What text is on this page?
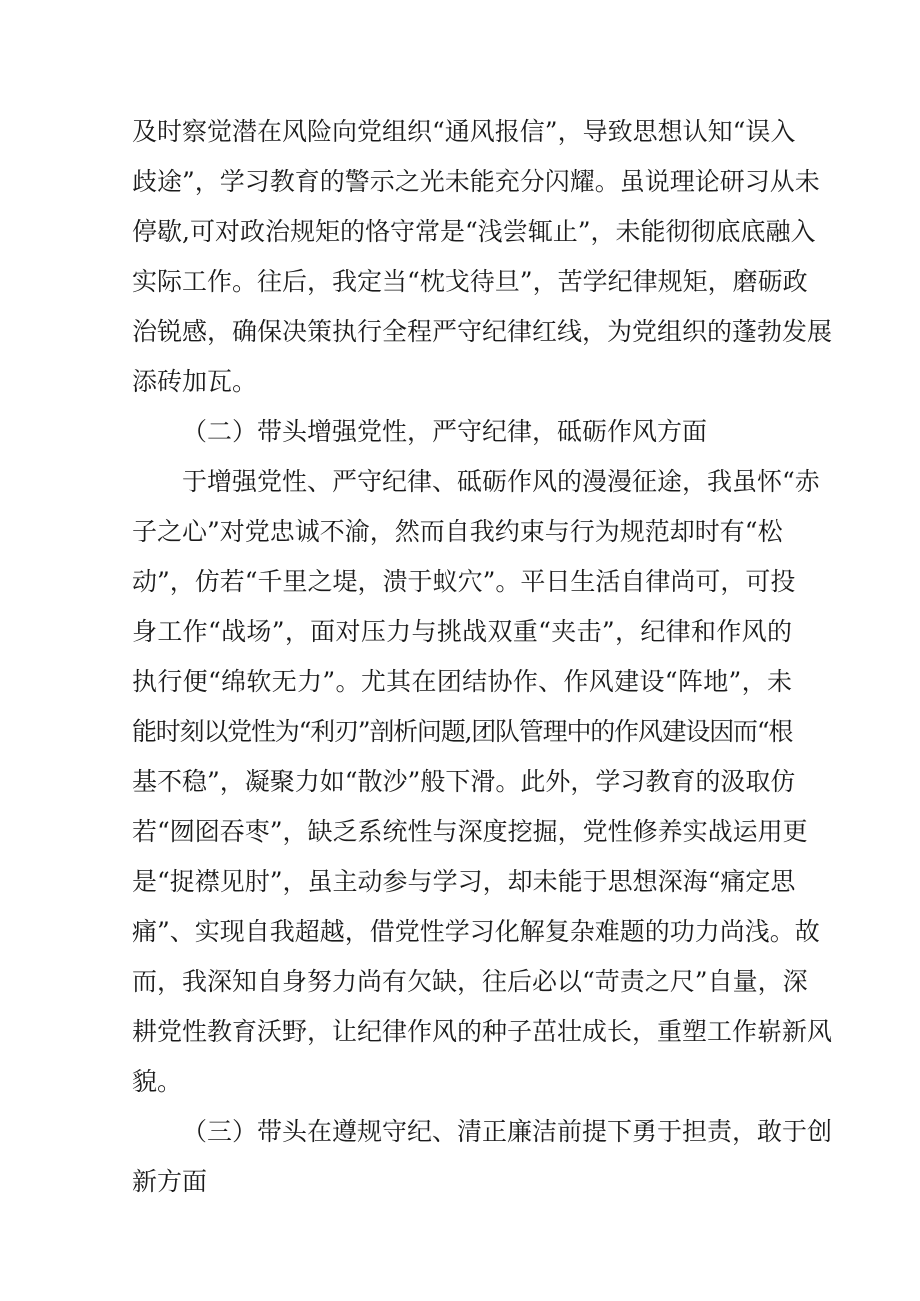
及时察觉潜在风险向党组织“通风报信”，导致思想认知“误入
歧途”，学习教育的警示之光未能充分闪耀。虽说理论研习从未
停歇,可对政治规矩的恪守常是“浅尝辄止”，未能彻彻底底融入
实际工作。往后，我定当“枕戈待旦”，苦学纪律规矩，磨砺政
治锐感，确保决策执行全程严守纪律红线，为党组织的蓬勃发展
添砖加瓦。
（二）带头增强党性，严守纪律，砥砺作风方面
于增强党性、严守纪律、砥砺作风的漫漫征途，我虽怀“赤
子之心”对党忠诚不渝，然而自我约束与行为规范却时有“松
动”，仿若“千里之堤，溃于蚁穴”。平日生活自律尚可，可投
身工作“战场”，面对压力与挑战双重“夹击”，纪律和作风的
执行便“绵软无力”。尤其在团结协作、作风建设“阵地”，未
能时刻以党性为“利刃”剖析问题,团队管理中的作风建设因而“根
基不稳”，凝聚力如“散沙”般下滑。此外，学习教育的汲取仿
若“囫囵吞枣”，缺乏系统性与深度挖掘，党性修养实战运用更
是“捉襟见肘”，虽主动参与学习，却未能于思想深海“痛定思
痛”、实现自我超越，借党性学习化解复杂难题的功力尚浅。故
而，我深知自身努力尚有欠缺，往后必以“苛责之尺”自量，深
耕党性教育沃野，让纪律作风的种子茁壮成长，重塑工作崭新风
貌。
（三）带头在遵规守纪、清正廉洁前提下勇于担责，敢于创
新方面
